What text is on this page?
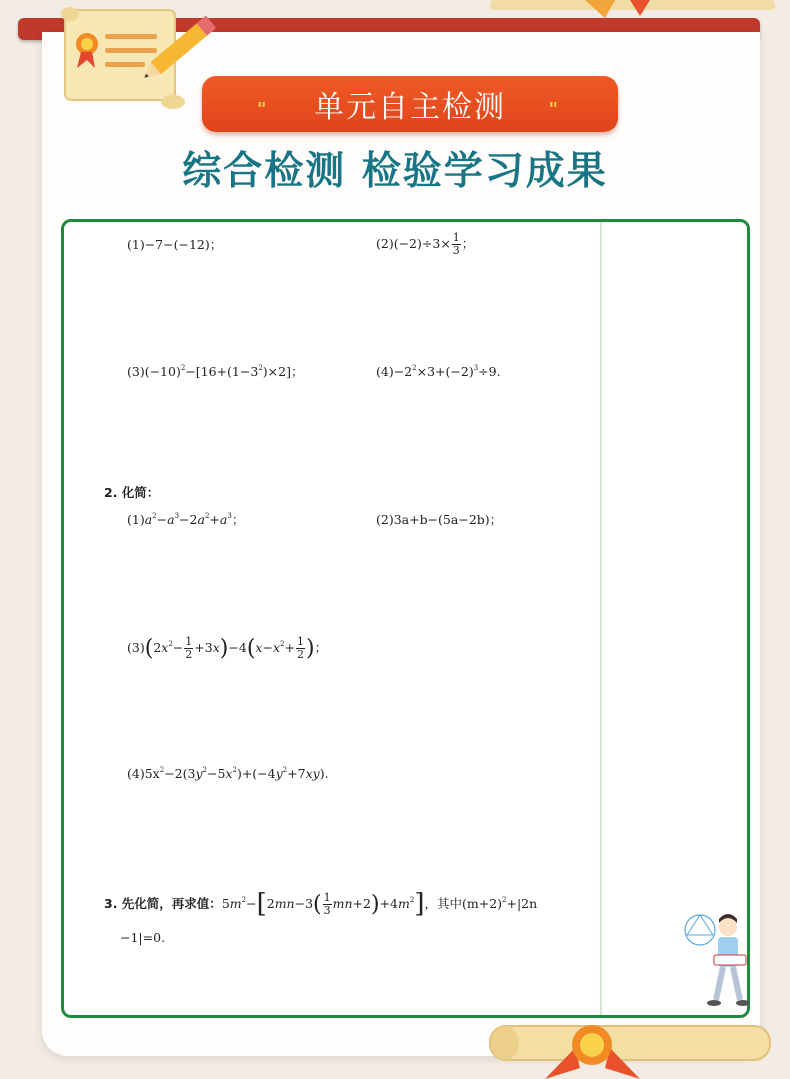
" 单元自主检测 "
综合检测 检验学习成果
(1)−7−(−12)；	$(2)(-2)\div 3\times \frac{1}{3}$ ；
$(3)(-10)^2-[16+(1-3^2)\times 2]$；	$(4)-2^2\times 3+(-2)^3\div 9$.
2. 化简：
$(1)a^2-a^3-2a^2+a^3$；	(2)3a+b−(5a−2b)；
$(3)(2x^2- \frac{1}{2} +3x)-4(x-x^2+ \frac{1}{2}$ )；
$(4)5x^2-2(3y^2-5x^2)+(-4y^2+7xy)$.
3. 先化简，再求值：$5m^2-[2mn-3( \frac{1}{3} mn+2)+4m^2]$，其中$(m+2)^2+|2n$
−1|=0.
